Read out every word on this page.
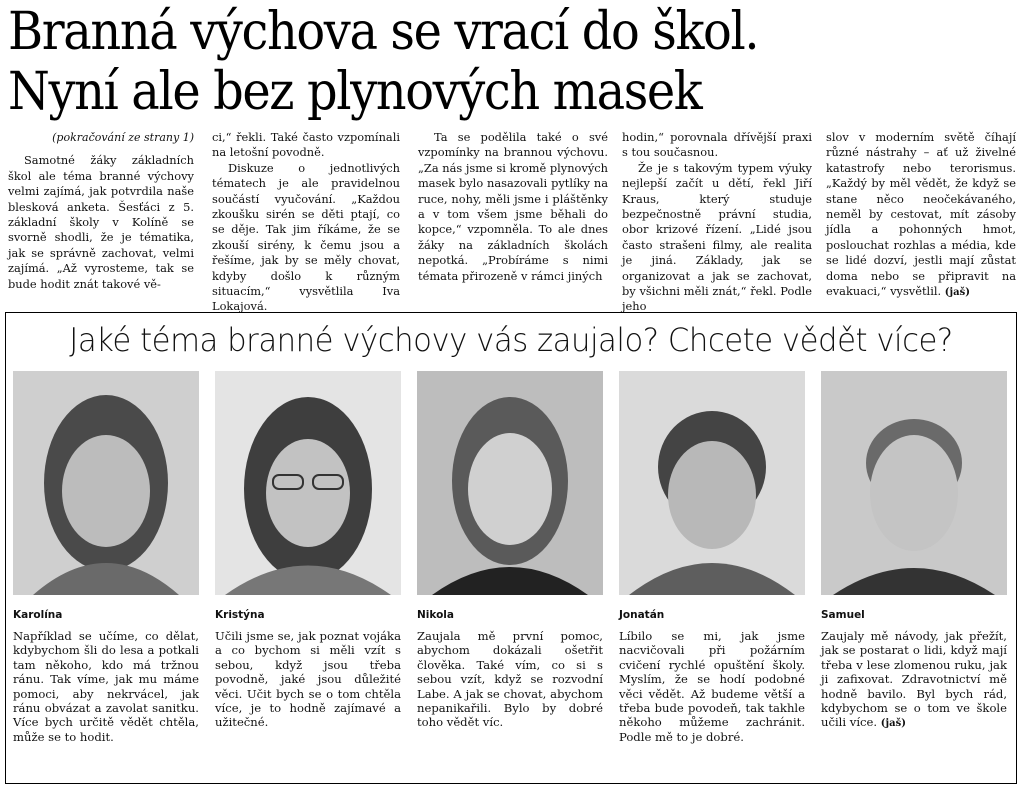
Branná výchova se vrací do škol.
Nyní ale bez plynových masek
(pokračování ze strany 1)

Samotné žáky základních škol ale téma branné výchovy velmi zajímá, jak potvrdila naše blesková anketa. Šesťáci z 5. základní školy v Kolíně se svorně shodli, že je tématika, jak se správně zachovat, velmi zajímá. „Až vyrosteme, tak se bude hodit znát takové vě-

ci,“ řekli. Také často vzpomínali na letošní povodně.

Diskuze o jednotlivých tématech je ale pravidelnou součástí vyučování. „Každou zkoušku sirén se děti ptají, co se děje. Tak jim říkáme, že se zkouší sirény, k čemu jsou a řešíme, jak by se měly chovat, kdyby došlo k různým situacím,“ vysvětlila Iva Lokajová.

Ta se podělila také o své vzpomínky na brannou výchovu. „Za nás jsme si kromě plynových masek bylo nasazovali pytlíky na ruce, nohy, měli jsme i pláštěnky a v tom všem jsme běhali do kopce,“ vzpomněla. To ale dnes žáky na základních školách nepotká. „Probíráme s nimi témata přirozeně v rámci jiných

hodin,“ porovnala dřívější praxi s tou současnou.

Že je s takovým typem výuky nejlepší začít u dětí, řekl Jiří Kraus, který studuje bezpečnostně právní studia, obor krizové řízení. „Lidé jsou často strašeni filmy, ale realita je jiná. Základy, jak se organizovat a jak se zachovat, by všichni měli znát,“ řekl. Podle jeho

slov v moderním světě číhají různé nástrahy – ať už živelné katastrofy nebo terorismus. „Každý by měl vědět, že když se stane něco neočekávaného, neměl by cestovat, mít zásoby jídla a pohonných hmot, poslouchat rozhlas a média, kde se lidé dozví, jestli mají zůstat doma nebo se připravit na evakuaci,“ vysvětlil. (jaš)

Jaké téma branné výchovy vás zaujalo? Chcete vědět více?
Karolína
Například se učíme, co dělat, kdybychom šli do lesa a potkali tam někoho, kdo má tržnou ránu. Tak víme, jak mu máme pomoci, aby nekrvácel, jak ránu obvázat a zavolat sanitku. Více bych určitě vědět chtěla, může se to hodit.
Kristýna
Učili jsme se, jak poznat vojáka a co bychom si měli vzít s sebou, když jsou třeba povodně, jaké jsou důležité věci. Učit bych se o tom chtěla více, je to hodně zajímavé a užitečné.
Nikola
Zaujala mě první pomoc, abychom dokázali ošetřit člověka. Také vím, co si s sebou vzít, když se rozvodní Labe. A jak se chovat, abychom nepanikařili. Bylo by dobré toho vědět víc.
Jonatán
Líbilo se mi, jak jsme nacvičovali při požárním cvičení rychlé opuštění školy. Myslím, že se hodí podobné věci vědět. Až budeme větší a třeba bude povodeň, tak takhle někoho můžeme zachránit. Podle mě to je dobré.
Samuel
Zaujaly mě návody, jak přežít, jak se postarat o lidi, když mají třeba v lese zlomenou ruku, jak ji zafixovat. Zdravotnictví mě hodně bavilo. Byl bych rád, kdybychom se o tom ve škole učili více. (jaš)
